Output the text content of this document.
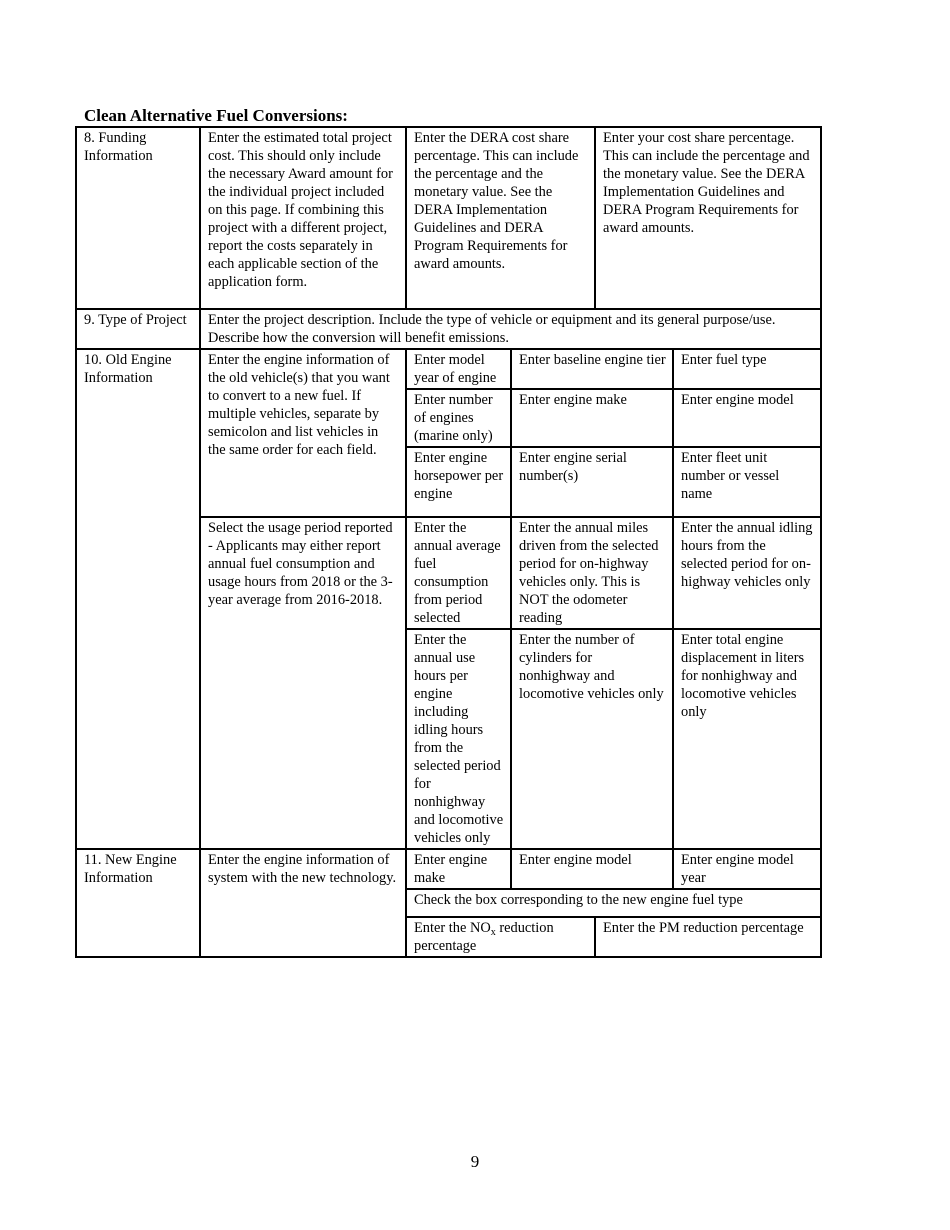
Clean Alternative Fuel Conversions:
8. Funding Information	Enter the estimated total project cost. This should only include the necessary Award amount for the individual project included on this page. If combining this project with a different project, report the costs separately in each applicable section of the application form.	Enter the DERA cost share percentage. This can include the percentage and the monetary value. See the DERA Implementation Guidelines and DERA Program Requirements for award amounts.		Enter your cost share percentage. This can include the percentage and the monetary value. See the DERA Implementation Guidelines and DERA Program Requirements for award amounts.	
9. Type of Project	Enter the project description. Include the type of vehicle or equipment and its general purpose/use. Describe how the conversion will benefit emissions.				
10. Old Engine Information	Enter the engine information of the old vehicle(s) that you want to convert to a new fuel. If multiple vehicles, separate by semicolon and list vehicles in the same order for each field.	Enter model year of engine	Enter baseline engine tier		Enter fuel type
		Enter number of engines (marine only)	Enter engine make		Enter engine model
		Enter engine horsepower per engine	Enter engine serial number(s)		Enter fleet unit number or vessel name
	Select the usage period reported - Applicants may either report annual fuel consumption and usage hours from 2018 or the 3-year average from 2016-2018.	Enter the annual average fuel consumption from period selected	Enter the annual miles driven from the selected period for on-highway vehicles only. This is NOT the odometer reading		Enter the annual idling hours from the selected period for on-highway vehicles only
		Enter the annual use hours per engine including idling hours from the selected period for nonhighway and locomotive vehicles only	Enter the number of cylinders for nonhighway and locomotive vehicles only		Enter total engine displacement in liters for nonhighway and locomotive vehicles only
11. New Engine Information	Enter the engine information of system with the new technology.	Enter engine make	Enter engine model		Enter engine model year
		Check the box corresponding to the new engine fuel type			
		Enter the $NO_x$ reduction percentage		Enter the PM reduction percentage	
9
